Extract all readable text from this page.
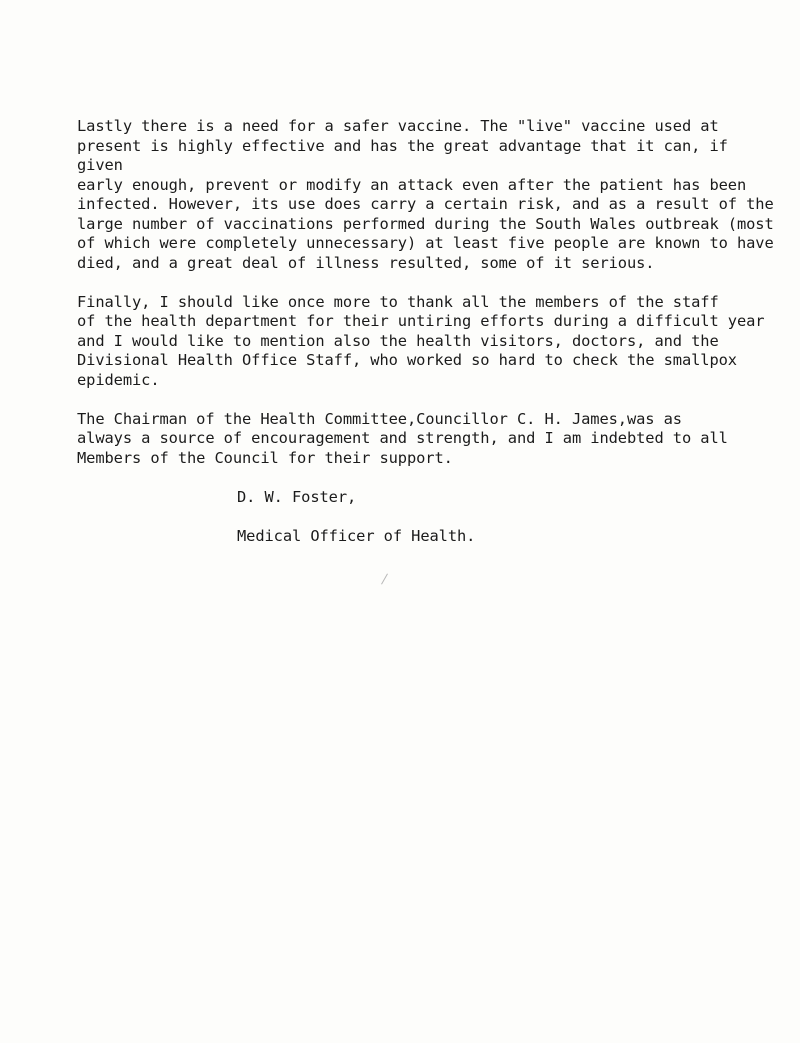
Lastly there is a need for a safer vaccine. The "live" vaccine used at
present is highly effective and has the great advantage that it can, if given
early enough, prevent or modify an attack even after the patient has been
infected. However, its use does carry a certain risk, and as a result of the
large number of vaccinations performed during the South Wales outbreak (most
of which were completely unnecessary) at least five people are known to have
died, and a great deal of illness resulted, some of it serious.

Finally, I should like once more to thank all the members of the staff
of the health department for their untiring efforts during a difficult year
and I would like to mention also the health visitors, doctors, and the
Divisional Health Office Staff, who worked so hard to check the smallpox
epidemic.

The Chairman of the Health Committee,Councillor C. H. James,was as
always a source of encouragement and strength, and I am indebted to all
Members of the Council for their support.

D. W. Foster,
Medical Officer of Health.
